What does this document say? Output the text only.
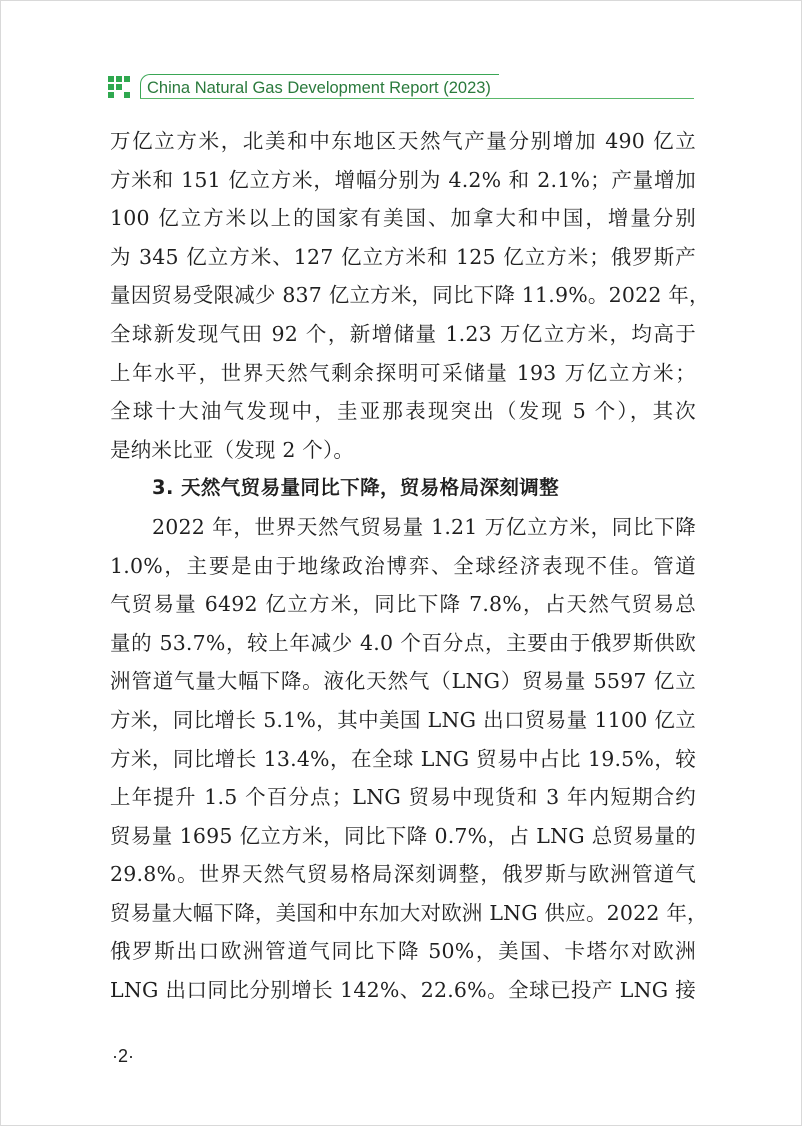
China Natural Gas Development Report (2023)
万亿立方米，北美和中东地区天然气产量分别增加 490 亿立
方米和 151 亿立方米，增幅分别为 4.2% 和 2.1%；产量增加
100 亿立方米以上的国家有美国、加拿大和中国，增量分别
为 345 亿立方米、127 亿立方米和 125 亿立方米；俄罗斯产
量因贸易受限减少 837 亿立方米，同比下降 11.9%。2022 年，
全球新发现气田 92 个，新增储量 1.23 万亿立方米，均高于
上年水平，世界天然气剩余探明可采储量 193 万亿立方米；
全球十大油气发现中，圭亚那表现突出（发现 5 个），其次
是纳米比亚（发现 2 个）。
3. 天然气贸易量同比下降，贸易格局深刻调整
2022 年，世界天然气贸易量 1.21 万亿立方米，同比下降
1.0%，主要是由于地缘政治博弈、全球经济表现不佳。管道
气贸易量 6492 亿立方米，同比下降 7.8%，占天然气贸易总
量的 53.7%，较上年减少 4.0 个百分点，主要由于俄罗斯供欧
洲管道气量大幅下降。液化天然气（LNG）贸易量 5597 亿立
方米，同比增长 5.1%，其中美国 LNG 出口贸易量 1100 亿立
方米，同比增长 13.4%，在全球 LNG 贸易中占比 19.5%，较
上年提升 1.5 个百分点；LNG 贸易中现货和 3 年内短期合约
贸易量 1695 亿立方米，同比下降 0.7%，占 LNG 总贸易量的
29.8%。世界天然气贸易格局深刻调整，俄罗斯与欧洲管道气
贸易量大幅下降，美国和中东加大对欧洲 LNG 供应。2022 年，
俄罗斯出口欧洲管道气同比下降 50%，美国、卡塔尔对欧洲
LNG 出口同比分别增长 142%、22.6%。全球已投产 LNG 接
·2·
